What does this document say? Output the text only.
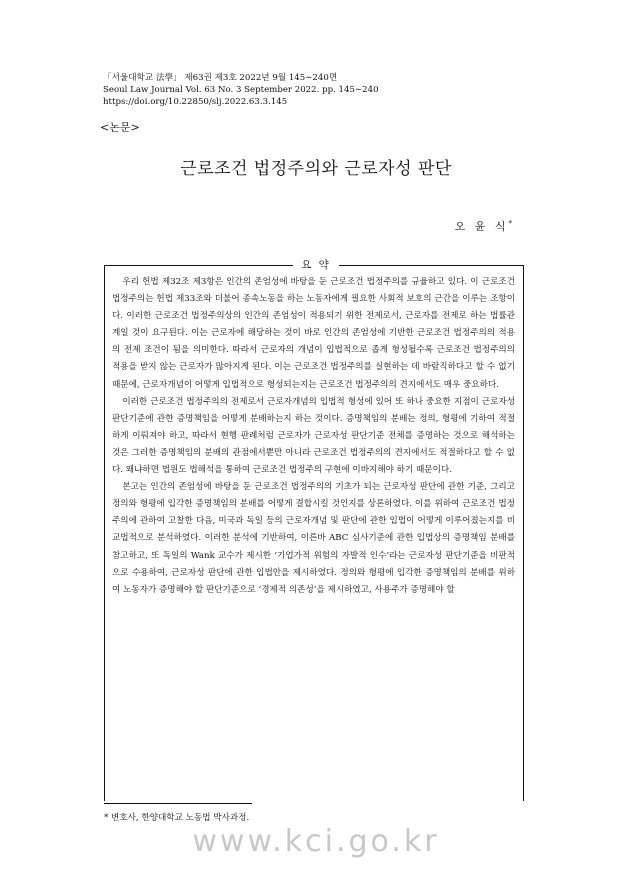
「서울대학교 法學」 제63권 제3호 2022년 9월 145∼240면
Seoul Law Journal Vol. 63 No. 3 September 2022. pp. 145∼240
https://doi.org/10.22850/slj.2022.63.3.145
<논문>
근로조건 법정주의와 근로자성 판단
오 윤 식*
요 약

우리 헌법 제32조 제3항은 인간의 존엄성에 바탕을 둔 근로조건 법정주의를 규율하고 있다. 이 근로조건 법정주의는 헌법 제33조와 더불어 종속노동을 하는 노동자에게 필요한 사회적 보호의 근간을 이루는 조항이다. 이러한 근로조건 법정주의상의 인간의 존엄성이 적용되기 위한 전제로서, 근로자를 전제로 하는 법률관계일 것이 요구된다. 이는 근로자에 해당하는 것이 바로 인간의 존엄성에 기반한 근로조건 법정주의의 적용의 전제 조건이 됨을 의미한다. 따라서 근로자의 개념이 입법적으로 좁게 형성될수록 근로조건 법정주의의 적용을 받지 않는 근로자가 많아지게 된다. 이는 근로조건 법정주의를 실현하는 데 바람직하다고 할 수 없기 때문에, 근로자개념이 어떻게 입법적으로 형성되는지는 근로조건 법정주의의 견지에서도 매우 중요하다.

이러한 근로조건 법정주의의 전제로서 근로자개념의 입법적 형성에 있어 또 하나 중요한 지점이 근로자성 판단기준에 관한 증명책임을 어떻게 분배하는지 하는 것이다. 증명책임의 분배는 정의, 형평에 기하여 적절하게 이뤄져야 하고, 따라서 현행 판례처럼 근로자가 근로자성 판단기준 전체를 증명하는 것으로 해석하는 것은 그러한 증명책임의 분배의 관점에서뿐만 아니라 근로조건 법정주의의 견지에서도 적절하다고 할 수 없다. 왜냐하면 법원도 법해석을 통하여 근로조건 법정주의 구현에 이바지해야 하기 때문이다.

본고는 인간의 존엄성에 바탕을 둔 근로조건 법정주의의 기초가 되는 근로자성 판단에 관한 기준, 그리고 정의와 형평에 입각한 증명책임의 분배를 어떻게 결합시킬 것인지를 상론하였다. 이를 위하여 근로조건 법정주의에 관하여 고찰한 다음, 미국과 독일 등의 근로자개념 및 판단에 관한 입법이 어떻게 이루어졌는지를 비교법적으로 분석하였다. 이러한 분석에 기반하여, 이른바 ABC 심사기준에 관한 입법상의 증명책임 분배를 참고하고, 또 독일의 Wank 교수가 제시한 ‘기업가적 위험의 자발적 인수’라는 근로자성 판단기준을 비판적으로 수용하여, 근로자성 판단에 관한 입법안을 제시하였다. 정의와 형평에 입각한 증명책임의 분배를 위하여 노동자가 증명해야 할 판단기준으로 ‘경제적 의존성’을 제시하였고, 사용주가 증명해야 할

* 변호사, 한양대학교 노동법 박사과정.
www.kci.go.kr
